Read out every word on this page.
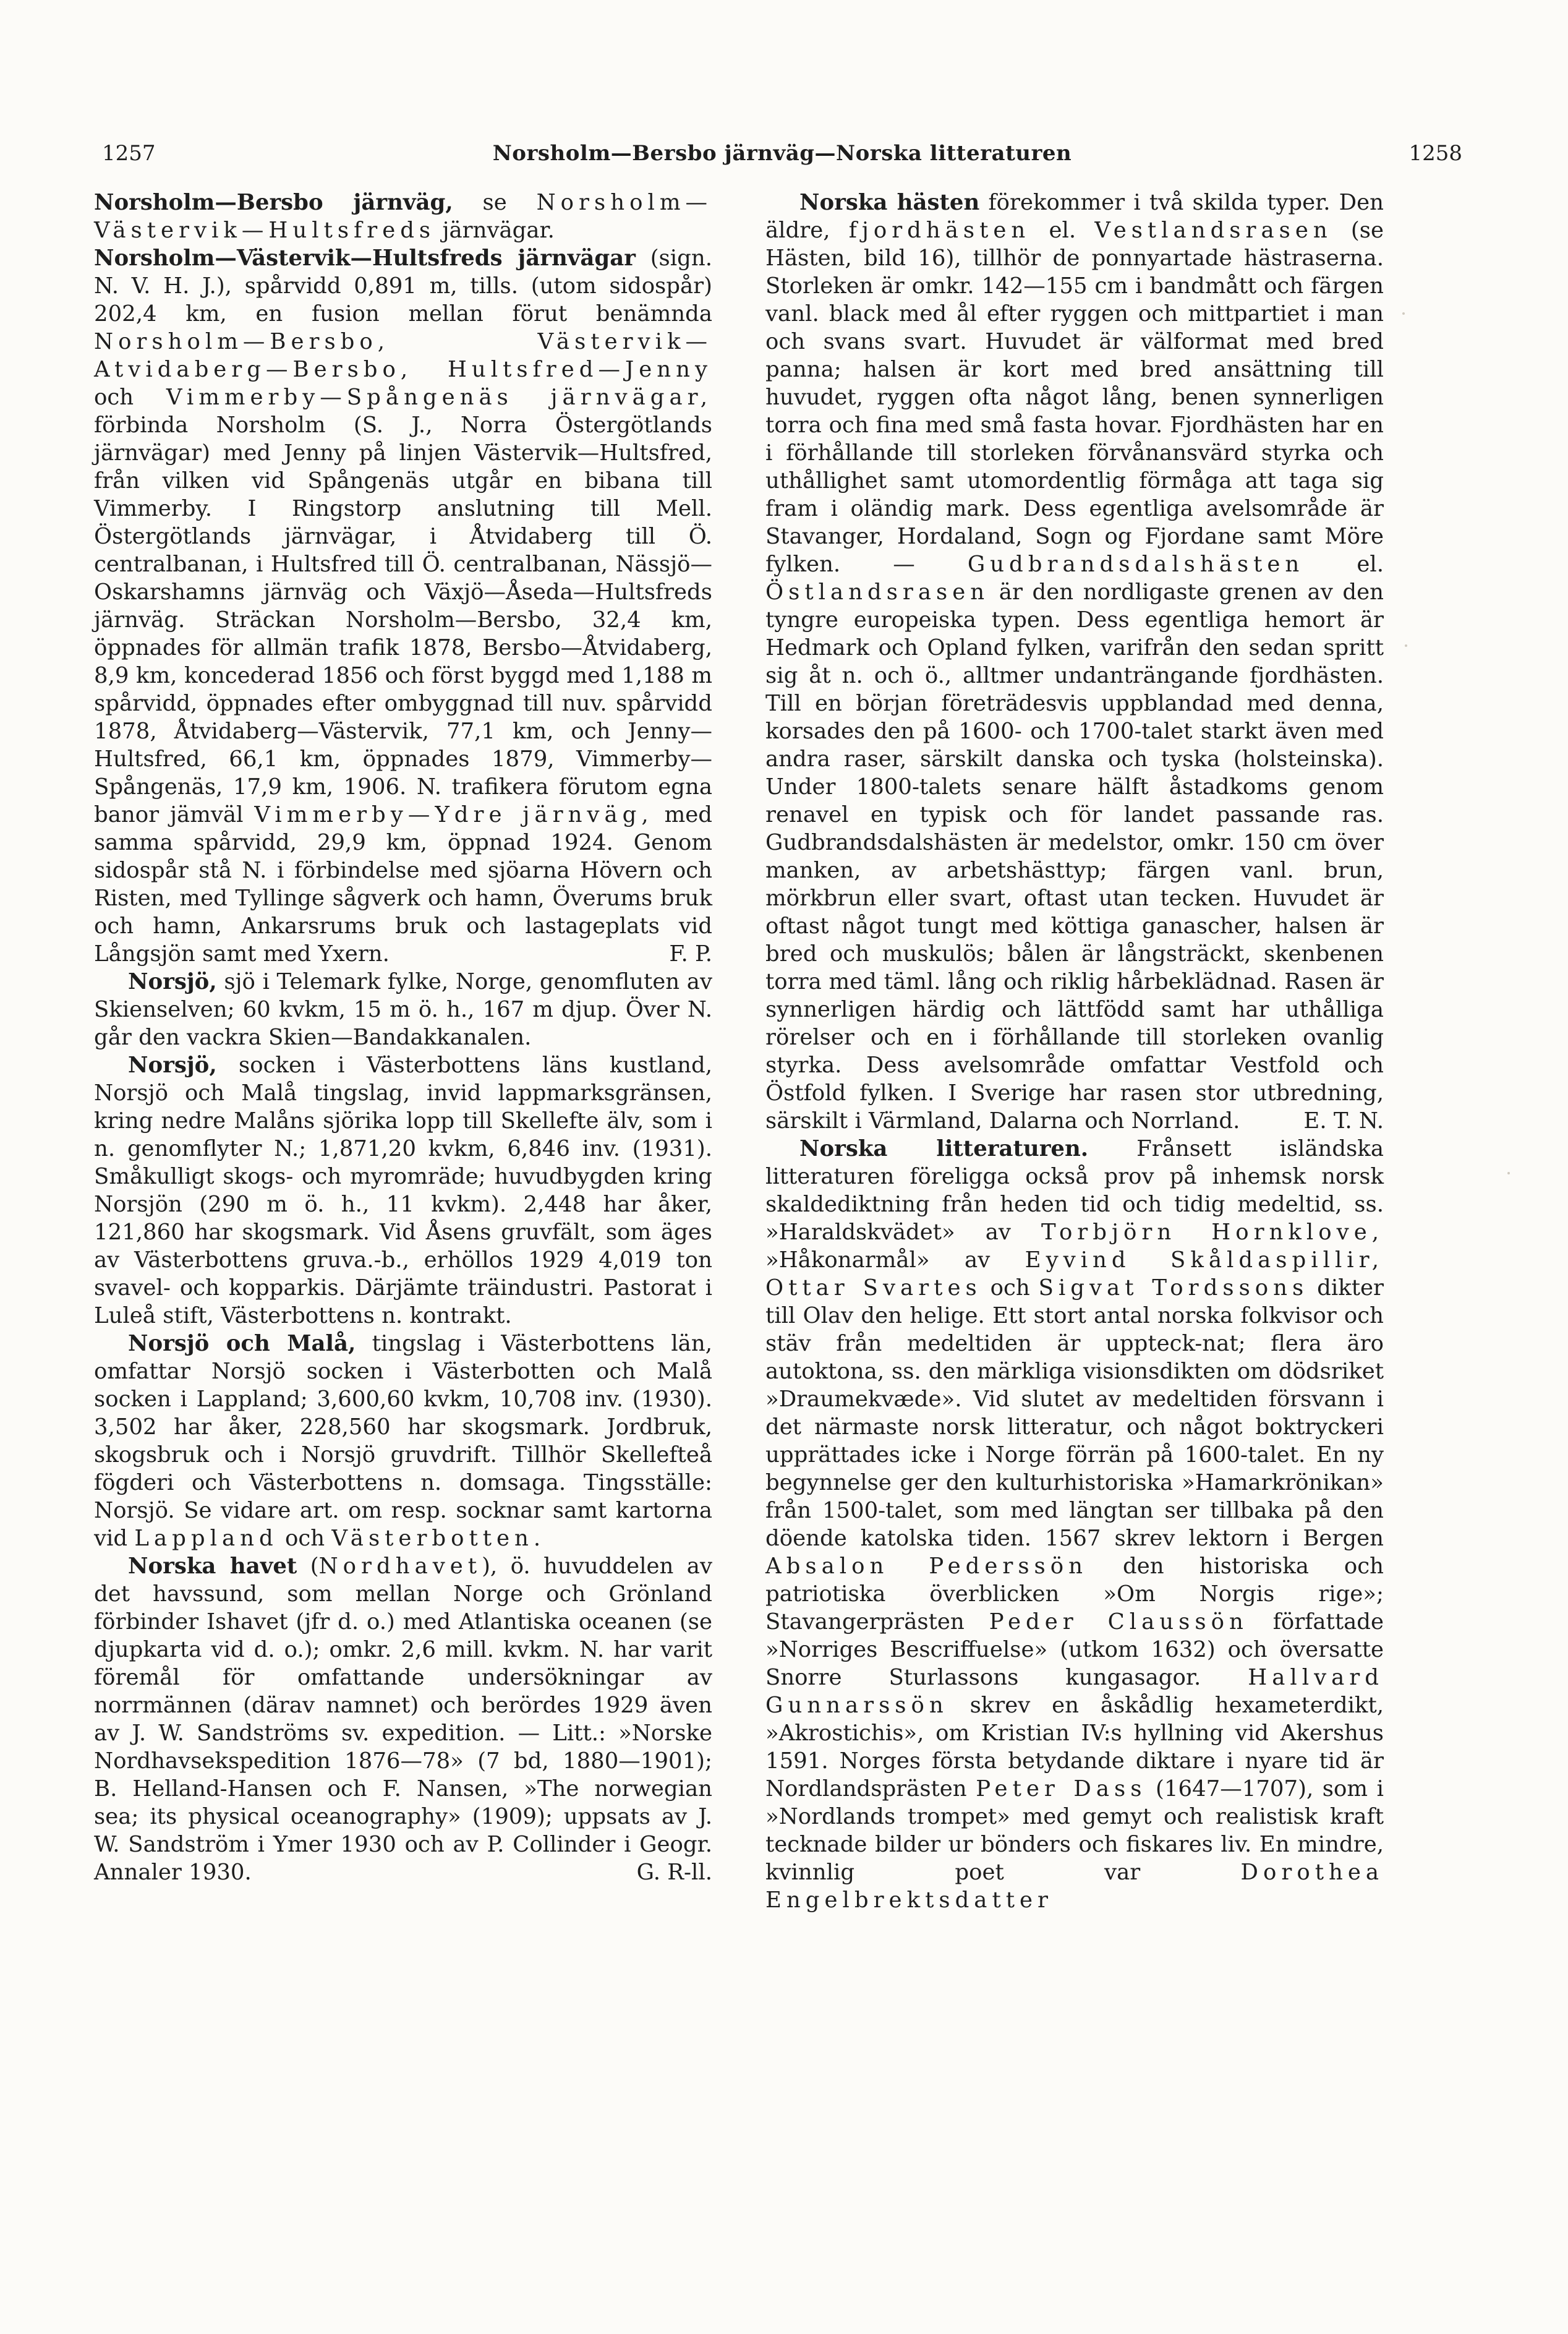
1257	Norsholm—Bersbo järnväg—Norska litteraturen	1258

Norsholm—Bersbo järnväg, se Norsholm—Västervik—Hultsfreds järnvägar.

Norsholm—Västervik—Hultsfreds järnvägar (sign. N. V. H. J.), spårvidd 0,891 m, tills. (utom sidospår) 202,4 km, en fusion mellan förut benämnda Norsholm—Bersbo, Västervik—Atvidaberg—Bersbo, Hultsfred—Jenny och Vimmerby—Spångenäs järnvägar, förbinda Norsholm (S. J., Norra Östergötlands järnvägar) med Jenny på linjen Västervik—Hultsfred, från vilken vid Spångenäs utgår en bibana till Vimmerby. I Ringstorp anslutning till Mell. Östergötlands järnvägar, i Åtvidaberg till Ö. centralbanan, i Hultsfred till Ö. centralbanan, Nässjö—Oskarshamns järnväg och Växjö—Åseda—Hultsfreds järnväg. Sträckan Norsholm—Bersbo, 32,4 km, öppnades för allmän trafik 1878, Bersbo—Åtvidaberg, 8,9 km, koncederad 1856 och först byggd med 1,188 m spårvidd, öppnades efter ombyggnad till nuv. spårvidd 1878, Åtvidaberg—Västervik, 77,1 km, och Jenny—Hultsfred, 66,1 km, öppnades 1879, Vimmerby—Spångenäs, 17,9 km, 1906. N. trafikera förutom egna banor jämväl Vimmerby—Ydre järnväg, med samma spårvidd, 29,9 km, öppnad 1924. Genom sidospår stå N. i förbindelse med sjöarna Hövern och Risten, med Tyllinge sågverk och hamn, Överums bruk och hamn, Ankarsrums bruk och lastageplats vid Långsjön samt med Yxern.	F. P.

Norsjö, sjö i Telemark fylke, Norge, genomfluten av Skienselven; 60 kvkm, 15 m ö. h., 167 m djup. Över N. går den vackra Skien—Bandakkanalen.

Norsjö, socken i Västerbottens läns kustland, Norsjö och Malå tingslag, invid lappmarksgränsen, kring nedre Malåns sjörika lopp till Skellefte älv, som i n. genomflyter N.; 1,871,20 kvkm, 6,846 inv. (1931). Småkulligt skogs- och myromräde; huvudbygden kring Norsjön (290 m ö. h., 11 kvkm). 2,448 har åker, 121,860 har skogsmark. Vid Åsens gruvfält, som äges av Västerbottens gruva.-b., erhöllos 1929 4,019 ton svavel- och kopparkis. Därjämte träindustri. Pastorat i Luleå stift, Västerbottens n. kontrakt.

Norsjö och Malå, tingslag i Västerbottens län, omfattar Norsjö socken i Västerbotten och Malå socken i Lappland; 3,600,60 kvkm, 10,708 inv. (1930). 3,502 har åker, 228,560 har skogsmark. Jordbruk, skogsbruk och i Norsjö gruvdrift. Tillhör Skellefteå fögderi och Västerbottens n. domsaga. Tingsställe: Norsjö. Se vidare art. om resp. socknar samt kartorna vid Lappland och Västerbotten.

Norska havet (Nordhavet), ö. huvuddelen av det havssund, som mellan Norge och Grönland förbinder Ishavet (jfr d. o.) med Atlantiska oceanen (se djupkarta vid d. o.); omkr. 2,6 mill. kvkm. N. har varit föremål för omfattande undersökningar av norrmännen (därav namnet) och berördes 1929 även av J. W. Sandströms sv. expedition. — Litt.: »Norske Nordhavsekspedition 1876—78» (7 bd, 1880—1901); B. Helland-Hansen och F. Nansen, »The norwegian sea; its physical oceanography» (1909); uppsats av J. W. Sandström i Ymer 1930 och av P. Collinder i Geogr. Annaler 1930.	G. R-ll.

Norska hästen förekommer i två skilda typer. Den äldre, fjordhästen el. Vestlandsrasen (se Hästen, bild 16), tillhör de ponnyartade hästraserna. Storleken är omkr. 142—155 cm i bandmått och färgen vanl. black med ål efter ryggen och mittpartiet i man och svans svart. Huvudet är välformat med bred panna; halsen är kort med bred ansättning till huvudet, ryggen ofta något lång, benen synnerligen torra och fina med små fasta hovar. Fjordhästen har en i förhållande till storleken förvånansvärd styrka och uthållighet samt utomordentlig förmåga att taga sig fram i oländig mark. Dess egentliga avelsområde är Stavanger, Hordaland, Sogn og Fjordane samt Möre fylken. — Gudbrandsdalshästen el. Östlandsrasen är den nordligaste grenen av den tyngre europeiska typen. Dess egentliga hemort är Hedmark och Opland fylken, varifrån den sedan spritt sig åt n. och ö., alltmer undanträngande fjordhästen. Till en början företrädesvis uppblandad med denna, korsades den på 1600- och 1700-talet starkt även med andra raser, särskilt danska och tyska (holsteinska). Under 1800-talets senare hälft åstadkoms genom renavel en typisk och för landet passande ras. Gudbrandsdalshästen är medelstor, omkr. 150 cm över manken, av arbetshästtyp; färgen vanl. brun, mörkbrun eller svart, oftast utan tecken. Huvudet är oftast något tungt med köttiga ganascher, halsen är bred och muskulös; bålen är långsträckt, skenbenen torra med täml. lång och riklig hårbeklädnad. Rasen är synnerligen härdig och lättfödd samt har uthålliga rörelser och en i förhållande till storleken ovanlig styrka. Dess avelsområde omfattar Vestfold och Östfold fylken. I Sverige har rasen stor utbredning, särskilt i Värmland, Dalarna och Norrland.	E. T. N.

Norska litteraturen. Frånsett isländska litteraturen föreligga också prov på inhemsk norsk skaldediktning från heden tid och tidig medeltid, ss. »Haraldskvädet» av Torbjörn Hornklove, »Håkonarmål» av Eyvind Skåldaspillir, Ottar Svartes och Sigvat Tordssons dikter till Olav den helige. Ett stort antal norska folkvisor och stäv från medeltiden är uppteck-nat; flera äro autoktona, ss. den märkliga visionsdikten om dödsriket »Draumekvæde». Vid slutet av medeltiden försvann i det närmaste norsk litteratur, och något boktryckeri upprättades icke i Norge förrän på 1600-talet. En ny begynnelse ger den kulturhistoriska »Hamarkrönikan» från 1500-talet, som med längtan ser tillbaka på den döende katolska tiden. 1567 skrev lektorn i Bergen Absalon Pederssön den historiska och patriotiska överblicken »Om Norgis rige»; Stavangerprästen Peder Claussön författade »Norriges Bescriffuelse» (utkom 1632) och översatte Snorre Sturlassons kungasagor. Hallvard Gunnarssön skrev en åskådlig hexameterdikt, »Akrostichis», om Kristian IV:s hyllning vid Akershus 1591. Norges första betydande diktare i nyare tid är Nordlandsprästen Peter Dass (1647—1707), som i »Nordlands trompet» med gemyt och realistisk kraft tecknade bilder ur bönders och fiskares liv. En mindre, kvinnlig poet var Dorothea Engelbrektsdatter
